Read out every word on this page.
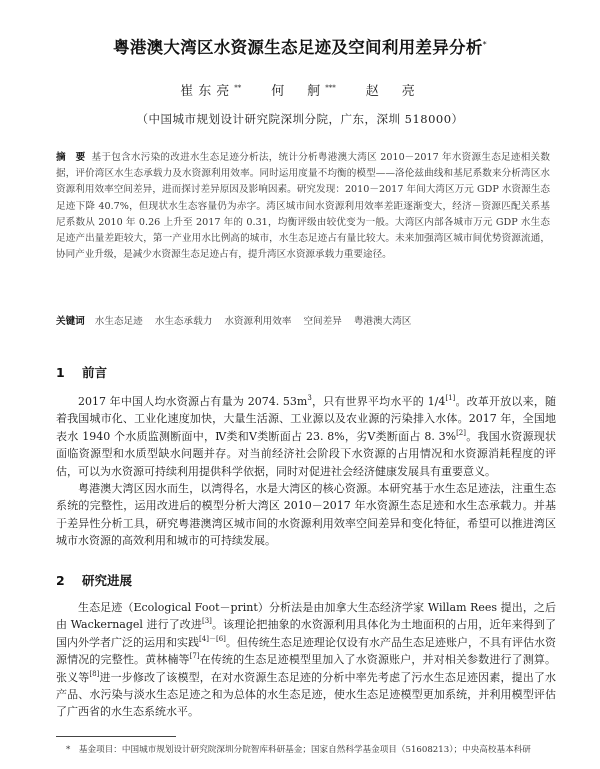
粤港澳大湾区水资源生态足迹及空间利用差异分析*
崔东亮** 何　舸*** 赵　亮
（中国城市规划设计研究院深圳分院，广东，深圳 518000）
摘　要 基于包含水污染的改进水生态足迹分析法，统计分析粤港澳大湾区 2010－2017 年水资源生态足迹相关数据，评价湾区水生态承载力及水资源利用效率。同时运用度量不均衡的模型——洛伦兹曲线和基尼系数来分析湾区水资源利用效率空间差异，进而探讨差异原因及影响因素。研究发现：2010－2017 年间大湾区万元 GDP 水资源生态足迹下降 40.7%，但现状水生态容量仍为赤字。湾区城市间水资源利用效率差距逐渐变大，经济－资源匹配关系基尼系数从 2010 年 0.26 上升至 2017 年的 0.31，均衡评级由较优变为一般。大湾区内部各城市万元 GDP 水生态足迹产出量差距较大，第一产业用水比例高的城市，水生态足迹占有量比较大。未来加强湾区城市间优势资源流通，协同产业升级，是减少水资源生态足迹占有，提升湾区水资源承载力重要途径。
关键词 水生态足迹 水生态承载力 水资源利用效率 空间差异 粤港澳大湾区
1 前言
2017 年中国人均水资源占有量为 2074. $53m^3$，只有世界平均水平的 1/4[1]。改革开放以来，随着我国城市化、工业化速度加快，大量生活源、工业源以及农业源的污染排入水体。2017 年，全国地表水 1940 个水质监测断面中，Ⅳ类和Ⅴ类断面占 23. 8%，劣Ⅴ类断面占 8. 3%[2]。我国水资源现状面临资源型和水质型缺水问题并存。对当前经济社会阶段下水资源的占用情况和水资源消耗程度的评估，可以为水资源可持续利用提供科学依据，同时对促进社会经济健康发展具有重要意义。
粤港澳大湾区因水而生，以湾得名，水是大湾区的核心资源。本研究基于水生态足迹法，注重生态系统的完整性，运用改进后的模型分析大湾区 2010－2017 年水资源生态足迹和水生态承载力。并基于差异性分析工具，研究粤港澳湾区城市间的水资源利用效率空间差异和变化特征，希望可以推进湾区城市水资源的高效利用和城市的可持续发展。
2 研究进展
生态足迹（Ecological Foot－print）分析法是由加拿大生态经济学家 Willam Rees 提出，之后由 Wackernagel 进行了改进[3]。该理论把抽象的水资源利用具体化为土地面积的占用，近年来得到了国内外学者广泛的运用和实践[4]－[6]。但传统生态足迹理论仅设有水产品生态足迹账户，不具有评估水资源情况的完整性。黄林楠等[7]在传统的生态足迹模型里加入了水资源账户，并对相关参数进行了测算。张义等[8]进一步修改了该模型，在对水资源生态足迹的分析中率先考虑了污水生态足迹因素，提出了水产品、水污染与淡水生态足迹之和为总体的水生态足迹，使水生态足迹模型更加系统，并利用模型评估了广西省的水生态系统水平。
*　 基金项目：中国城市规划设计研究院深圳分院智库科研基金；国家自然科学基金项目（51608213）；中央高校基本科研
